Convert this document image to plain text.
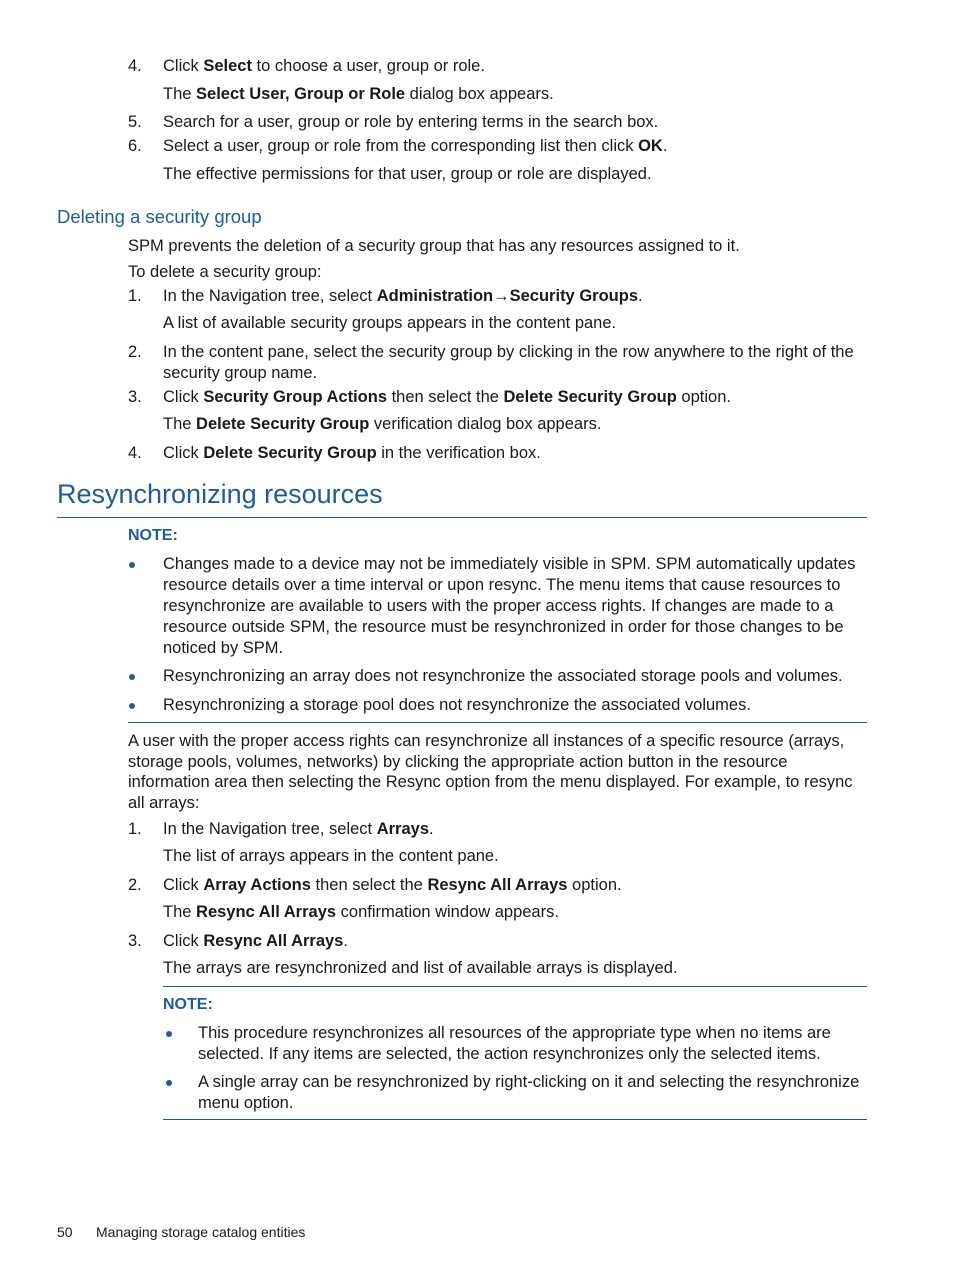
4. Click Select to choose a user, group or role.
The Select User, Group or Role dialog box appears.
5. Search for a user, group or role by entering terms in the search box.
6. Select a user, group or role from the corresponding list then click OK.
The effective permissions for that user, group or role are displayed.
Deleting a security group
SPM prevents the deletion of a security group that has any resources assigned to it.
To delete a security group:
1. In the Navigation tree, select Administration→Security Groups.
A list of available security groups appears in the content pane.
2. In the content pane, select the security group by clicking in the row anywhere to the right of the security group name.
3. Click Security Group Actions then select the Delete Security Group option.
The Delete Security Group verification dialog box appears.
4. Click Delete Security Group in the verification box.
Resynchronizing resources
NOTE:
Changes made to a device may not be immediately visible in SPM. SPM automatically updates resource details over a time interval or upon resync. The menu items that cause resources to resynchronize are available to users with the proper access rights. If changes are made to a resource outside SPM, the resource must be resynchronized in order for those changes to be noticed by SPM.
Resynchronizing an array does not resynchronize the associated storage pools and volumes.
Resynchronizing a storage pool does not resynchronize the associated volumes.
A user with the proper access rights can resynchronize all instances of a specific resource (arrays, storage pools, volumes, networks) by clicking the appropriate action button in the resource information area then selecting the Resync option from the menu displayed. For example, to resync all arrays:
1. In the Navigation tree, select Arrays.
The list of arrays appears in the content pane.
2. Click Array Actions then select the Resync All Arrays option.
The Resync All Arrays confirmation window appears.
3. Click Resync All Arrays.
The arrays are resynchronized and list of available arrays is displayed.
NOTE:
This procedure resynchronizes all resources of the appropriate type when no items are selected. If any items are selected, the action resynchronizes only the selected items.
A single array can be resynchronized by right-clicking on it and selecting the resynchronize menu option.
50 Managing storage catalog entities
